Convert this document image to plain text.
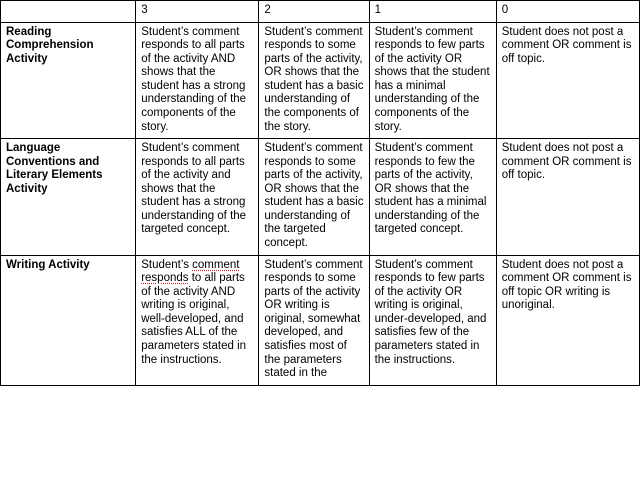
	3	2	1	0
Reading Comprehension Activity	Student’s comment responds to all parts of the activity AND shows that the student has a strong understanding of the components of the story.	Student’s comment responds to some parts of the activity, OR shows that the student has a basic understanding of the components of the story.	Student’s comment responds to few parts of the activity OR shows that the student has a minimal understanding of the components of the story.	Student does not post a comment OR comment is off topic.
Language Conventions and Literary Elements Activity	Student’s comment responds to all parts of the activity and shows that the student has a strong understanding of the targeted concept.	Student’s comment responds to some parts of the activity, OR shows that the student has a basic understanding of the targeted concept.	Student’s comment responds to few the parts of the activity, OR shows that the student has a minimal understanding of the targeted concept.	Student does not post a comment OR comment is off topic.
Writing Activity	Student’s comment responds to all parts of the activity AND writing is original, well-developed, and satisfies ALL of the parameters stated in the instructions.	Student’s comment responds to some parts of the activity OR writing is original, somewhat developed, and satisfies most of the parameters stated in the	Student’s comment responds to few parts of the activity OR writing is original, under-developed, and satisfies few of the parameters stated in the instructions.	Student does not post a comment OR comment is off topic OR writing is unoriginal.
